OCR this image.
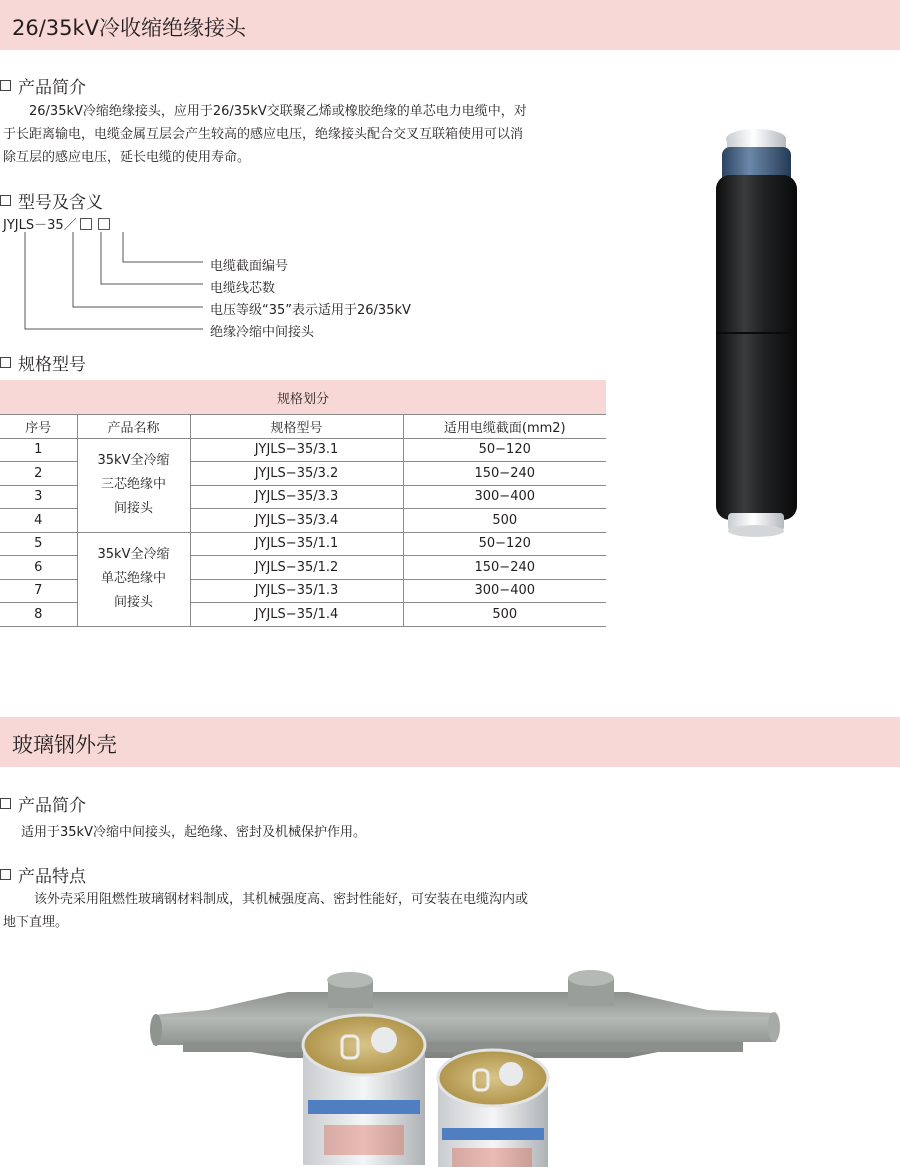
26/35kV冷收缩绝缘接头
产品简介
26/35kV冷缩绝缘接头，应用于26/35kV交联聚乙烯或橡胶绝缘的单芯电力电缆中，对
于长距离输电，电缆金属互层会产生较高的感应电压，绝缘接头配合交叉互联箱使用可以消
除互层的感应电压，延长电缆的使用寿命。
型号及含义
JYJLS－35／
电缆截面编号
电缆线芯数
电压等级“35”表示适用于26/35kV
绝缘冷缩中间接头
规格型号
规格划分			
序号	产品名称	规格型号	适用电缆截面(mm2)
1	35kV全冷缩
三芯绝缘中
间接头	JYJLS−35/3.1	50−120
2		JYJLS−35/3.2	150−240
3		JYJLS−35/3.3	300−400
4		JYJLS−35/3.4	500
5	35kV全冷缩
单芯绝缘中
间接头	JYJLS−35/1.1	50−120
6		JYJLS−35/1.2	150−240
7		JYJLS−35/1.3	300−400
8		JYJLS−35/1.4	500
玻璃钢外壳
产品简介
适用于35kV冷缩中间接头，起绝缘、密封及机械保护作用。
产品特点
该外壳采用阻燃性玻璃钢材料制成，其机械强度高、密封性能好，可安装在电缆沟内或
地下直埋。
